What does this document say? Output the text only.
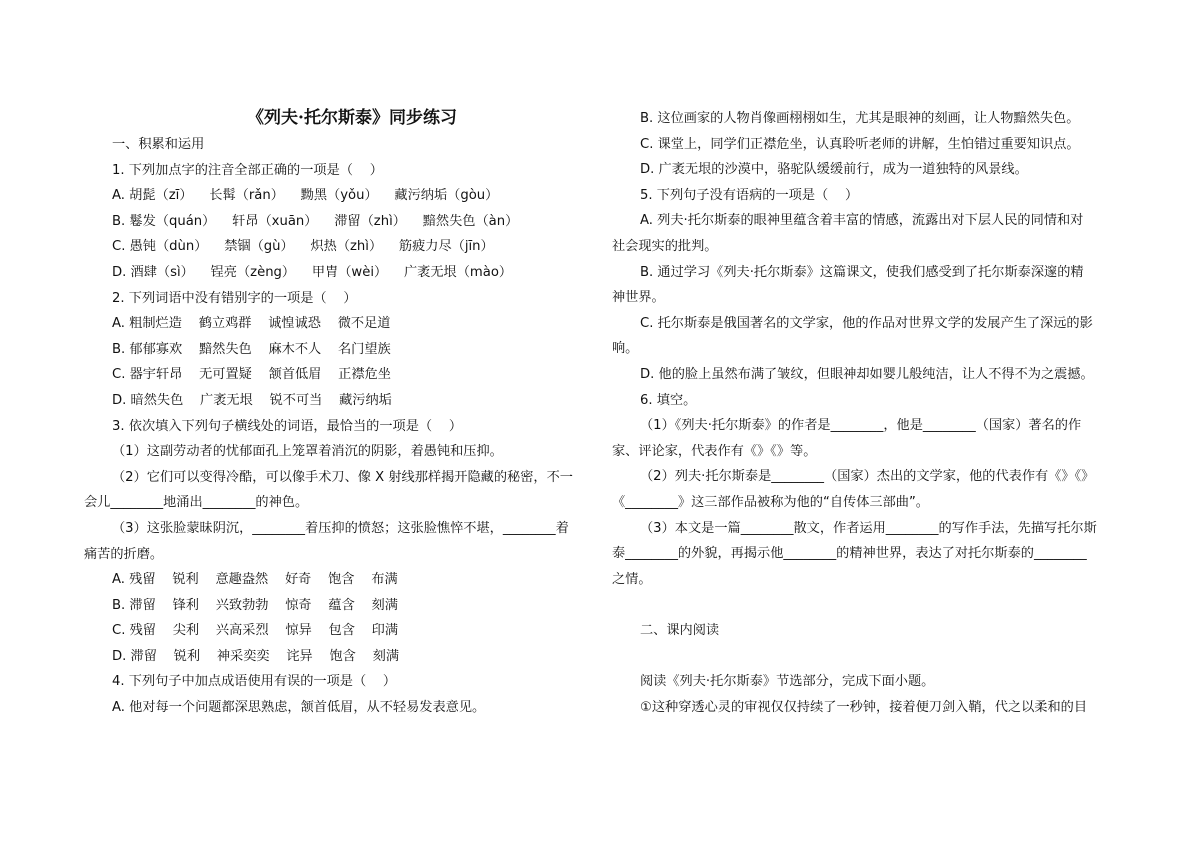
《列夫·托尔斯泰》同步练习
一、积累和运用
1. 下列加点字的注音全部正确的一项是（    ）
A. 胡髭（zī）    长髯（rǎn）    黝黑（yǒu）    藏污纳垢（gòu）
B. 鬈发（quán）    轩昂（xuān）    滞留（zhì）    黯然失色（àn）
C. 愚钝（dùn）    禁锢（gù）    炽热（zhì）    筋疲力尽（jīn）
D. 酒肆（sì）    锃亮（zèng）    甲胄（wèi）    广袤无垠（mào）
2. 下列词语中没有错别字的一项是（    ）
A. 粗制烂造    鹤立鸡群    诚惶诚恐    微不足道
B. 郁郁寡欢    黯然失色    麻木不人    名门望族
C. 器宇轩昂    无可置疑    颔首低眉    正襟危坐
D. 暗然失色    广袤无垠    锐不可当    藏污纳垢
3. 依次填入下列句子横线处的词语，最恰当的一项是（    ）
（1）这副劳动者的忧郁面孔上笼罩着消沉的阴影，着愚钝和压抑。
（2）它们可以变得冷酷，可以像手术刀、像 X 射线那样揭开隐藏的秘密，不一
会儿________地涌出________的神色。
（3）这张脸蒙昧阴沉，________着压抑的愤怒；这张脸憔悴不堪，________着
痛苦的折磨。
A. 残留    锐利    意趣盎然    好奇    饱含    布满
B. 滞留    锋利    兴致勃勃    惊奇    蕴含    刻满
C. 残留    尖利    兴高采烈    惊异    包含    印满
D. 滞留    锐利    神采奕奕    诧异    饱含    刻满
4. 下列句子中加点成语使用有误的一项是（    ）
A. 他对每一个问题都深思熟虑，颔首低眉，从不轻易发表意见。
B. 这位画家的人物肖像画栩栩如生，尤其是眼神的刻画，让人物黯然失色。
C. 课堂上，同学们正襟危坐，认真聆听老师的讲解，生怕错过重要知识点。
D. 广袤无垠的沙漠中，骆驼队缓缓前行，成为一道独特的风景线。
5. 下列句子没有语病的一项是（    ）
A. 列夫·托尔斯泰的眼神里蕴含着丰富的情感，流露出对下层人民的同情和对
社会现实的批判。
B. 通过学习《列夫·托尔斯泰》这篇课文，使我们感受到了托尔斯泰深邃的精
神世界。
C. 托尔斯泰是俄国著名的文学家，他的作品对世界文学的发展产生了深远的影
响。
D. 他的脸上虽然布满了皱纹，但眼神却如婴儿般纯洁，让人不得不为之震撼。
6. 填空。
（1）《列夫·托尔斯泰》的作者是________，他是________（国家）著名的作
家、评论家，代表作有《》《》等。
（2）列夫·托尔斯泰是________（国家）杰出的文学家，他的代表作有《》《》
《________》这三部作品被称为他的“自传体三部曲”。
（3）本文是一篇________散文，作者运用________的写作手法，先描写托尔斯
泰________的外貌，再揭示他________的精神世界，表达了对托尔斯泰的________
之情。
二、课内阅读
阅读《列夫·托尔斯泰》节选部分，完成下面小题。
①这种穿透心灵的审视仅仅持续了一秒钟，接着便刀剑入鞘，代之以柔和的目
